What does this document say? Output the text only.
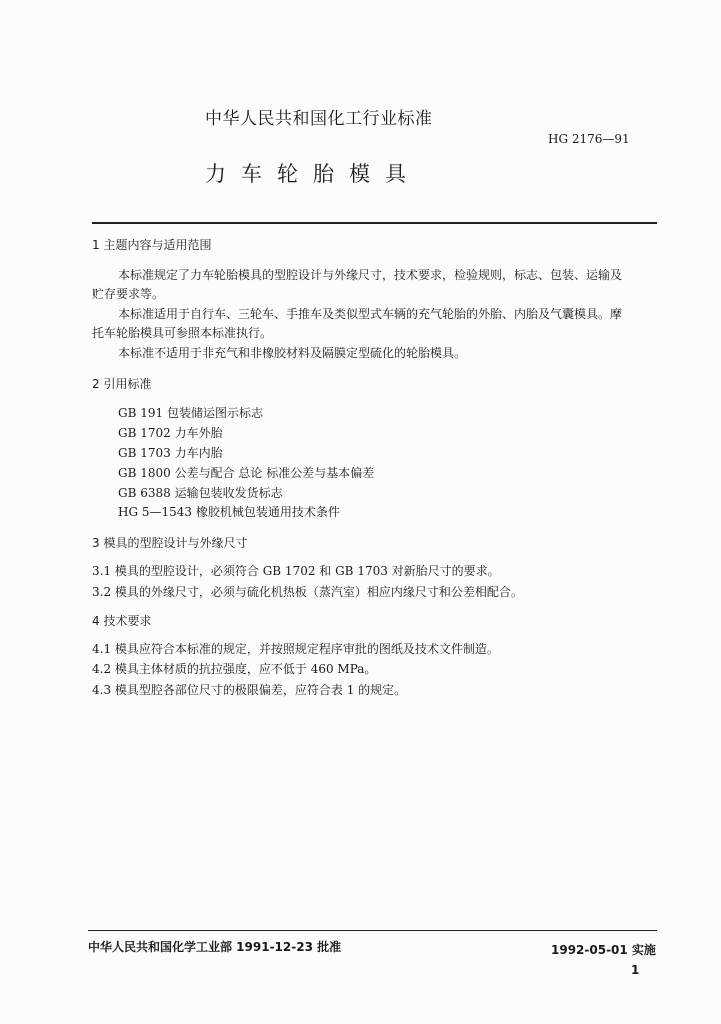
中华人民共和国化工行业标准
HG 2176—91
力车轮胎模具
1 主题内容与适用范围
本标准规定了力车轮胎模具的型腔设计与外缘尺寸，技术要求，检验规则，标志、包装、运输及
贮存要求等。
本标准适用于自行车、三轮车、手推车及类似型式车辆的充气轮胎的外胎、内胎及气囊模具。摩
托车轮胎模具可参照本标准执行。
本标准不适用于非充气和非橡胶材料及隔膜定型硫化的轮胎模具。
2 引用标准
GB 191 包装储运图示标志
GB 1702 力车外胎
GB 1703 力车内胎
GB 1800 公差与配合 总论 标准公差与基本偏差
GB 6388 运输包装收发货标志
HG 5—1543 橡胶机械包装通用技术条件
3 模具的型腔设计与外缘尺寸
3.1 模具的型腔设计，必须符合 GB 1702 和 GB 1703 对新胎尺寸的要求。
3.2 模具的外缘尺寸，必须与硫化机热板（蒸汽室）相应内缘尺寸和公差相配合。
4 技术要求
4.1 模具应符合本标准的规定，并按照规定程序审批的图纸及技术文件制造。
4.2 模具主体材质的抗拉强度，应不低于 460 MPa。
4.3 模具型腔各部位尺寸的极限偏差，应符合表 1 的规定。
中华人民共和国化学工业部 1991-12-23 批准	1992-05-01 实施
1
